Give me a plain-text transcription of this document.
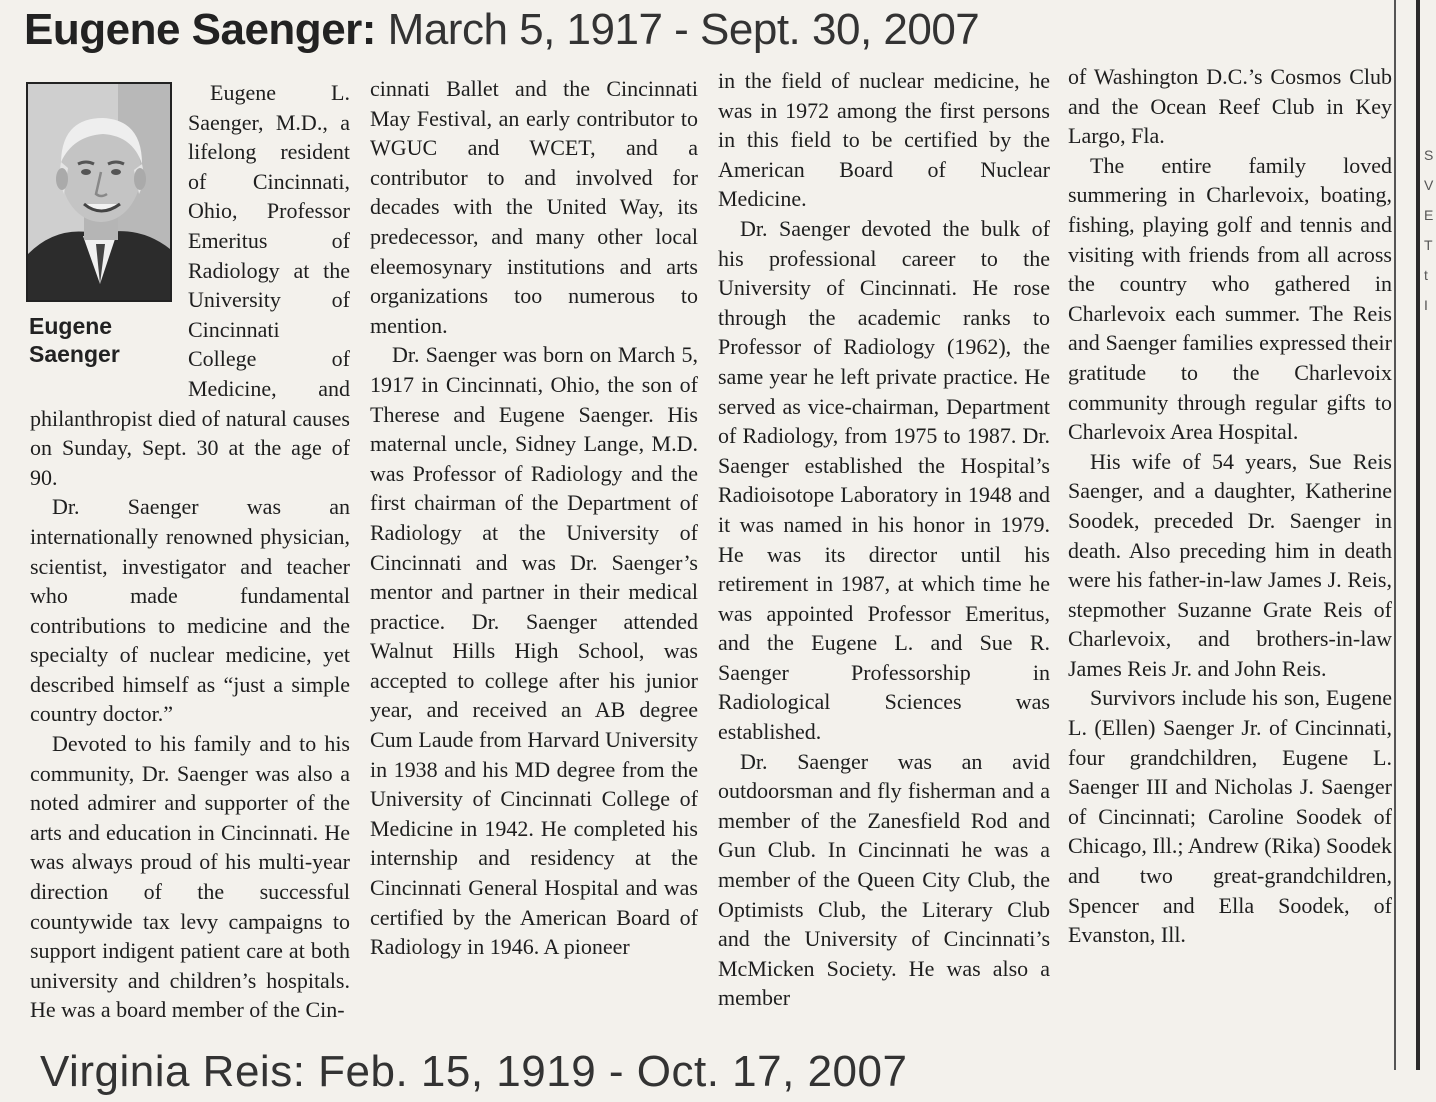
Eugene Saenger: March 5, 1917 - Sept. 30, 2007
Eugene
Saenger

Eugene L. Saenger, M.D., a lifelong resident of Cincinnati, Ohio, Professor Emeritus of Radiology at the University of Cincinnati College of Medicine, and philanthropist died of natural causes on Sunday, Sept. 30 at the age of 90.

Dr. Saenger was an internationally renowned physician, scientist, investigator and teacher who made fundamental contributions to medicine and the specialty of nuclear medicine, yet described himself as “just a simple country doctor.”

Devoted to his family and to his community, Dr. Saenger was also a noted admirer and supporter of the arts and education in Cincinnati. He was always proud of his multi-year direction of the successful countywide tax levy campaigns to support indigent patient care at both university and children’s hospitals. He was a board member of the Cin-

cinnati Ballet and the Cincinnati May Festival, an early contributor to WGUC and WCET, and a contributor to and involved for decades with the United Way, its predecessor, and many other local eleemosynary institutions and arts organizations too numerous to mention.

Dr. Saenger was born on March 5, 1917 in Cincinnati, Ohio, the son of Therese and Eugene Saenger. His maternal uncle, Sidney Lange, M.D. was Professor of Radiology and the first chairman of the Department of Radiology at the University of Cincinnati and was Dr. Saenger’s mentor and partner in their medical practice. Dr. Saenger attended Walnut Hills High School, was accepted to college after his junior year, and received an AB degree Cum Laude from Harvard University in 1938 and his MD degree from the University of Cincinnati College of Medicine in 1942. He completed his internship and residency at the Cincinnati General Hospital and was certified by the American Board of Radiology in 1946. A pioneer

in the field of nuclear medicine, he was in 1972 among the first persons in this field to be certified by the American Board of Nuclear Medicine.

Dr. Saenger devoted the bulk of his professional career to the University of Cincinnati. He rose through the academic ranks to Professor of Radiology (1962), the same year he left private practice. He served as vice-chairman, Department of Radiology, from 1975 to 1987. Dr. Saenger established the Hospital’s Radioisotope Laboratory in 1948 and it was named in his honor in 1979. He was its director until his retirement in 1987, at which time he was appointed Professor Emeritus, and the Eugene L. and Sue R. Saenger Professorship in Radiological Sciences was established.

Dr. Saenger was an avid outdoorsman and fly fisherman and a member of the Zanesfield Rod and Gun Club. In Cincinnati he was a member of the Queen City Club, the Optimists Club, the Literary Club and the University of Cincinnati’s McMicken Society. He was also a member

of Washington D.C.’s Cosmos Club and the Ocean Reef Club in Key Largo, Fla.

The entire family loved summering in Charlevoix, boating, fishing, playing golf and tennis and visiting with friends from all across the country who gathered in Charlevoix each summer. The Reis and Saenger families expressed their gratitude to the Charlevoix community through regular gifts to Charlevoix Area Hospital.

His wife of 54 years, Sue Reis Saenger, and a daughter, Katherine Soodek, preceded Dr. Saenger in death. Also preceding him in death were his father-in-law James J. Reis, stepmother Suzanne Grate Reis of Charlevoix, and brothers-in-law James Reis Jr. and John Reis.

Survivors include his son, Eugene L. (Ellen) Saenger Jr. of Cincinnati, four grandchildren, Eugene L. Saenger III and Nicholas J. Saenger of Cincinnati; Caroline Soodek of Chicago, Ill.; Andrew (Rika) Soodek and two great-grandchildren, Spencer and Ella Soodek, of Evanston, Ill.

S
V
E
T
t
I
Virginia Reis: Feb. 15, 1919 - Oct. 17, 2007
